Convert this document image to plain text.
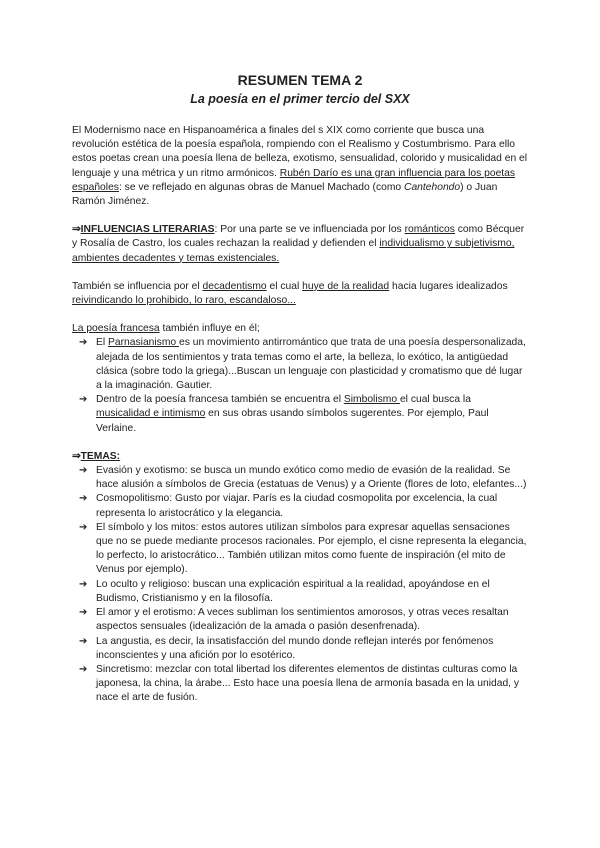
RESUMEN TEMA 2
La poesía en el primer tercio del SXX

El Modernismo nace en Hispanoamérica a finales del s XIX como corriente que busca una revolución estética de la poesía española, rompiendo con el Realismo y Costumbrismo. Para ello estos poetas crean una poesía llena de belleza, exotismo, sensualidad, colorido y musicalidad en el lenguaje y una métrica y un ritmo armónicos. Rubén Darío es una gran influencia para los poetas españoles: se ve reflejado en algunas obras de Manuel Machado (como Cantehondo) o Juan Ramón Jiménez.

⇒INFLUENCIAS LITERARIAS: Por una parte se ve influenciada por los románticos como Bécquer y Rosalía de Castro, los cuales rechazan la realidad y defienden el individualismo y subjetivismo, ambientes decadentes y temas existenciales.

También se influencia por el decadentismo el cual huye de la realidad hacia lugares idealizados reivindicando lo prohibido, lo raro, escandaloso...

La poesía francesa también influye en él;

➔ El Parnasianismo es un movimiento antirromántico que trata de una poesía despersonalizada, alejada de los sentimientos y trata temas como el arte, la belleza, lo exótico, la antigüedad clásica (sobre todo la griega)...Buscan un lenguaje con plasticidad y cromatismo que dé lugar a la imaginación. Gautier.
➔ Dentro de la poesía francesa también se encuentra el Simbolismo el cual busca la musicalidad e intimismo en sus obras usando símbolos sugerentes. Por ejemplo, Paul Verlaine.

⇒TEMAS:

➔ Evasión y exotismo: se busca un mundo exótico como medio de evasión de la realidad. Se hace alusión a símbolos de Grecia (estatuas de Venus) y a Oriente (flores de loto, elefantes...)
➔ Cosmopolitismo: Gusto por viajar. París es la ciudad cosmopolita por excelencia, la cual representa lo aristocrático y la elegancia.
➔ El símbolo y los mitos: estos autores utilizan símbolos para expresar aquellas sensaciones que no se puede mediante procesos racionales. Por ejemplo, el cisne representa la elegancia, lo perfecto, lo aristocrático... También utilizan mitos como fuente de inspiración (el mito de Venus por ejemplo).
➔ Lo oculto y religioso: buscan una explicación espiritual a la realidad, apoyándose en el Budismo, Cristianismo y en la filosofía.
➔ El amor y el erotismo: A veces subliman los sentimientos amorosos, y otras veces resaltan aspectos sensuales (idealización de la amada o pasión desenfrenada).
➔ La angustia, es decir, la insatisfacción del mundo donde reflejan interés por fenómenos inconscientes y una afición por lo esotérico.
➔ Sincretismo: mezclar con total libertad los diferentes elementos de distintas culturas como la japonesa, la china, la árabe... Esto hace una poesía llena de armonía basada en la unidad, y nace el arte de fusión.
